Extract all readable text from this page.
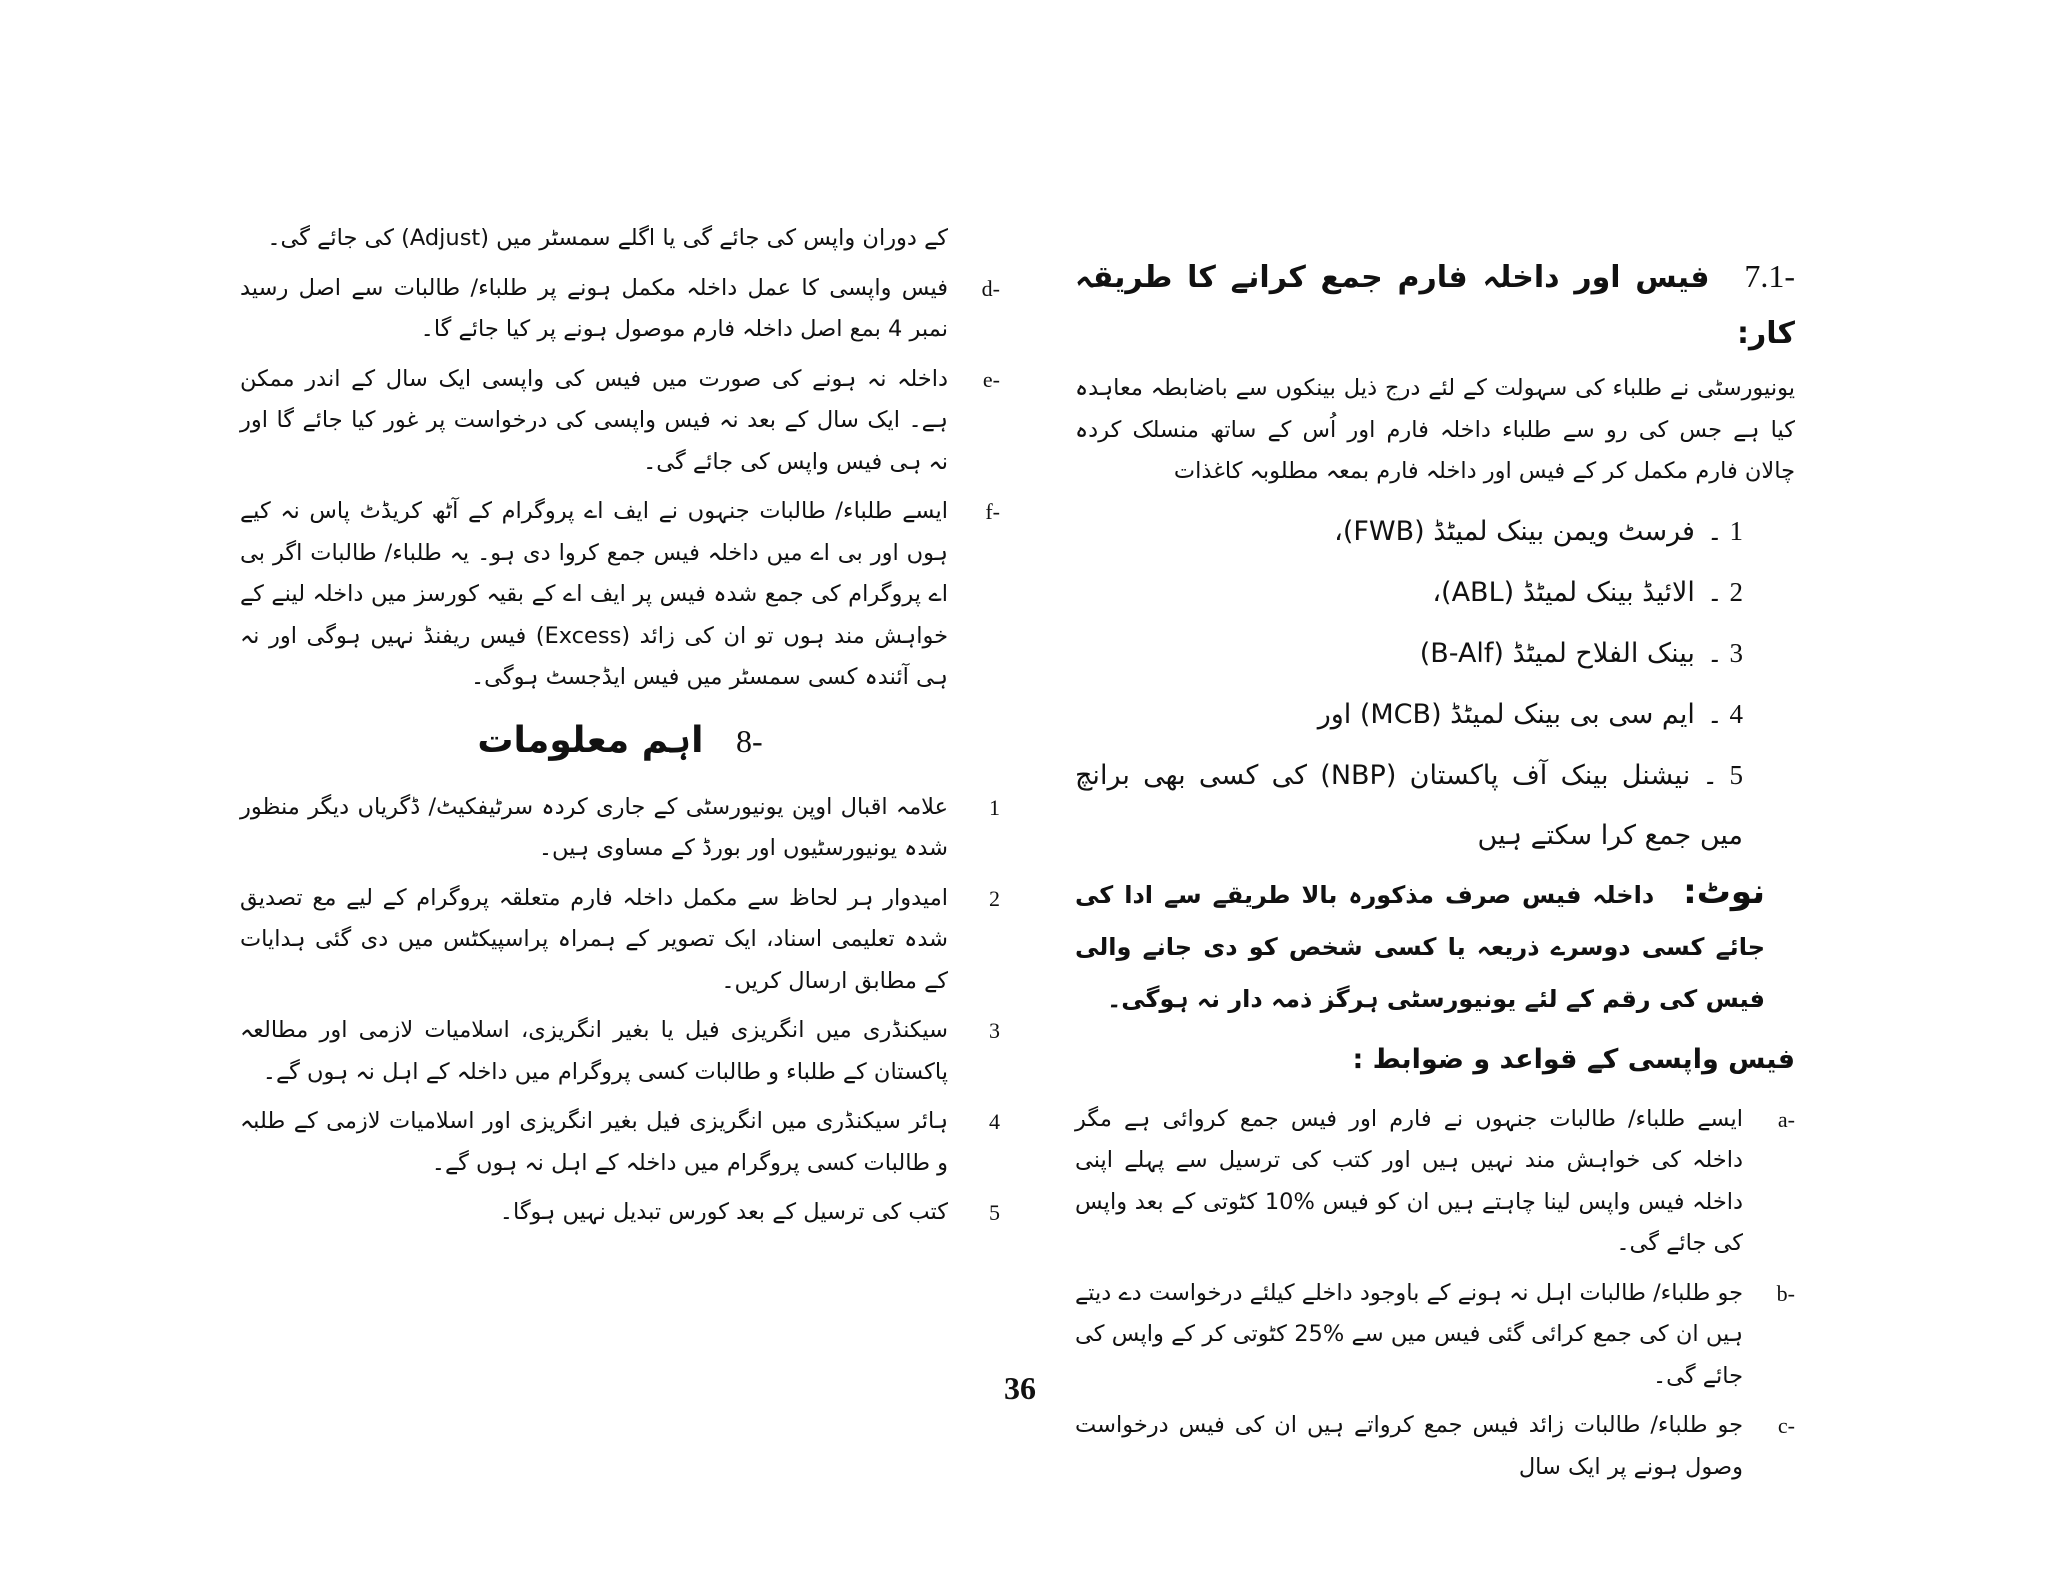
-7.1 فیس اور داخلہ فارم جمع کرانے کا طریقہ کار:

یونیورسٹی نے طلباء کی سہولت کے لئے درج ذیل بینکوں سے باضابطہ معاہدہ کیا ہے جس کی رو سے طلباء داخلہ فارم اور اُس کے ساتھ منسلک کردہ چالان فارم مکمل کر کے فیس اور داخلہ فارم بمعہ مطلوبہ کاغذات

1 ۔فرسٹ ویمن بینک لمیٹڈ (FWB)،

2 ۔الائیڈ بینک لمیٹڈ (ABL)،

3 ۔بینک الفلاح لمیٹڈ (B-Alf)

4 ۔ایم سی بی بینک لمیٹڈ (MCB) اور

5 ۔نیشنل بینک آف پاکستان (NBP) کی کسی بھی برانچ میں جمع کرا سکتے ہیں

نوٹ: داخلہ فیس صرف مذکورہ بالا طریقے سے ادا کی جائے کسی دوسرے ذریعہ یا کسی شخص کو دی جانے والی فیس کی رقم کے لئے یونیورسٹی ہرگز ذمہ دار نہ ہوگی۔

فیس واپسی کے قواعد و ضوابط :
-a
ایسے طلباء/ طالبات جنہوں نے فارم اور فیس جمع کروائی ہے مگر داخلہ کی خواہش مند نہیں ہیں اور کتب کی ترسیل سے پہلے اپنی داخلہ فیس واپس لینا چاہتے ہیں ان کو فیس %10 کٹوتی کے بعد واپس کی جائے گی۔
-b
جو طلباء/ طالبات اہل نہ ہونے کے باوجود داخلے کیلئے درخواست دے دیتے ہیں ان کی جمع کرائی گئی فیس میں سے %25 کٹوتی کر کے واپس کی جائے گی۔
-c
جو طلباء/ طالبات زائد فیس جمع کرواتے ہیں ان کی فیس درخواست وصول ہونے پر ایک سال

کے دوران واپس کی جائے گی یا اگلے سمسٹر میں (Adjust) کی جائے گی۔

-d
فیس واپسی کا عمل داخلہ مکمل ہونے پر طلباء/ طالبات سے اصل رسید نمبر 4 بمع اصل داخلہ فارم موصول ہونے پر کیا جائے گا۔
-e
داخلہ نہ ہونے کی صورت میں فیس کی واپسی ایک سال کے اندر ممکن ہے۔ ایک سال کے بعد نہ فیس واپسی کی درخواست پر غور کیا جائے گا اور نہ ہی فیس واپس کی جائے گی۔
-f
ایسے طلباء/ طالبات جنہوں نے ایف اے پروگرام کے آٹھ کریڈٹ پاس نہ کیے ہوں اور بی اے میں داخلہ فیس جمع کروا دی ہو۔ یہ طلباء/ طالبات اگر بی اے پروگرام کی جمع شدہ فیس پر ایف اے کے بقیہ کورسز میں داخلہ لینے کے خواہش مند ہوں تو ان کی زائد (Excess) فیس ریفنڈ نہیں ہوگی اور نہ ہی آئندہ کسی سمسٹر میں فیس ایڈجسٹ ہوگی۔
-8 اہم معلومات
1
علامہ اقبال اوپن یونیورسٹی کے جاری کردہ سرٹیفکیٹ/ ڈگریاں دیگر منظور شدہ یونیورسٹیوں اور بورڈ کے مساوی ہیں۔
2
امیدوار ہر لحاظ سے مکمل داخلہ فارم متعلقہ پروگرام کے لیے مع تصدیق شدہ تعلیمی اسناد، ایک تصویر کے ہمراہ پراسپیکٹس میں دی گئی ہدایات کے مطابق ارسال کریں۔
3
سیکنڈری میں انگریزی فیل یا بغیر انگریزی، اسلامیات لازمی اور مطالعہ پاکستان کے طلباء و طالبات کسی پروگرام میں داخلہ کے اہل نہ ہوں گے۔
4
ہائر سیکنڈری میں انگریزی فیل بغیر انگریزی اور اسلامیات لازمی کے طلبہ و طالبات کسی پروگرام میں داخلہ کے اہل نہ ہوں گے۔
5
کتب کی ترسیل کے بعد کورس تبدیل نہیں ہوگا۔
36
